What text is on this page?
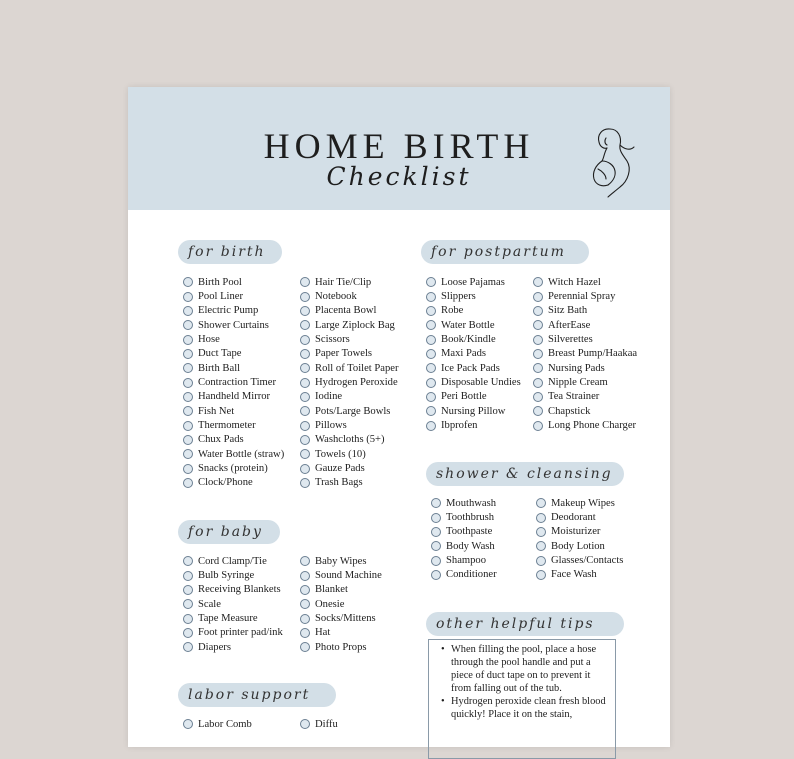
HOME BIRTH
Checklist
for birth
Birth Pool
Pool Liner
Electric Pump
Shower Curtains
Hose
Duct Tape
Birth Ball
Contraction Timer
Handheld Mirror
Fish Net
Thermometer
Chux Pads
Water Bottle (straw)
Snacks (protein)
Clock/Phone
Hair Tie/Clip
Notebook
Placenta Bowl
Large Ziplock Bag
Scissors
Paper Towels
Roll of Toilet Paper
Hydrogen Peroxide
Iodine
Pots/Large Bowls
Pillows
Washcloths (5+)
Towels (10)
Gauze Pads
Trash Bags
for postpartum
Loose Pajamas
Slippers
Robe
Water Bottle
Book/Kindle
Maxi Pads
Ice Pack Pads
Disposable Undies
Peri Bottle
Nursing Pillow
Ibprofen
Witch Hazel
Perennial Spray
Sitz Bath
AfterEase
Silverettes
Breast Pump/Haakaa
Nursing Pads
Nipple Cream
Tea Strainer
Chapstick
Long Phone Charger
for baby
Cord Clamp/Tie
Bulb Syringe
Receiving Blankets
Scale
Tape Measure
Foot printer pad/ink
Diapers
Baby Wipes
Sound Machine
Blanket
Onesie
Socks/Mittens
Hat
Photo Props
shower & cleansing
Mouthwash
Toothbrush
Toothpaste
Body Wash
Shampoo
Conditioner
Makeup Wipes
Deodorant
Moisturizer
Body Lotion
Glasses/Contacts
Face Wash
labor support
Labor Comb	Diffu
other helpful tips
• When filling the pool, place a hose through the pool handle and put a piece of duct tape on to prevent it from falling out of the tub.
• Hydrogen peroxide clean fresh blood quickly! Place it on the stain,
